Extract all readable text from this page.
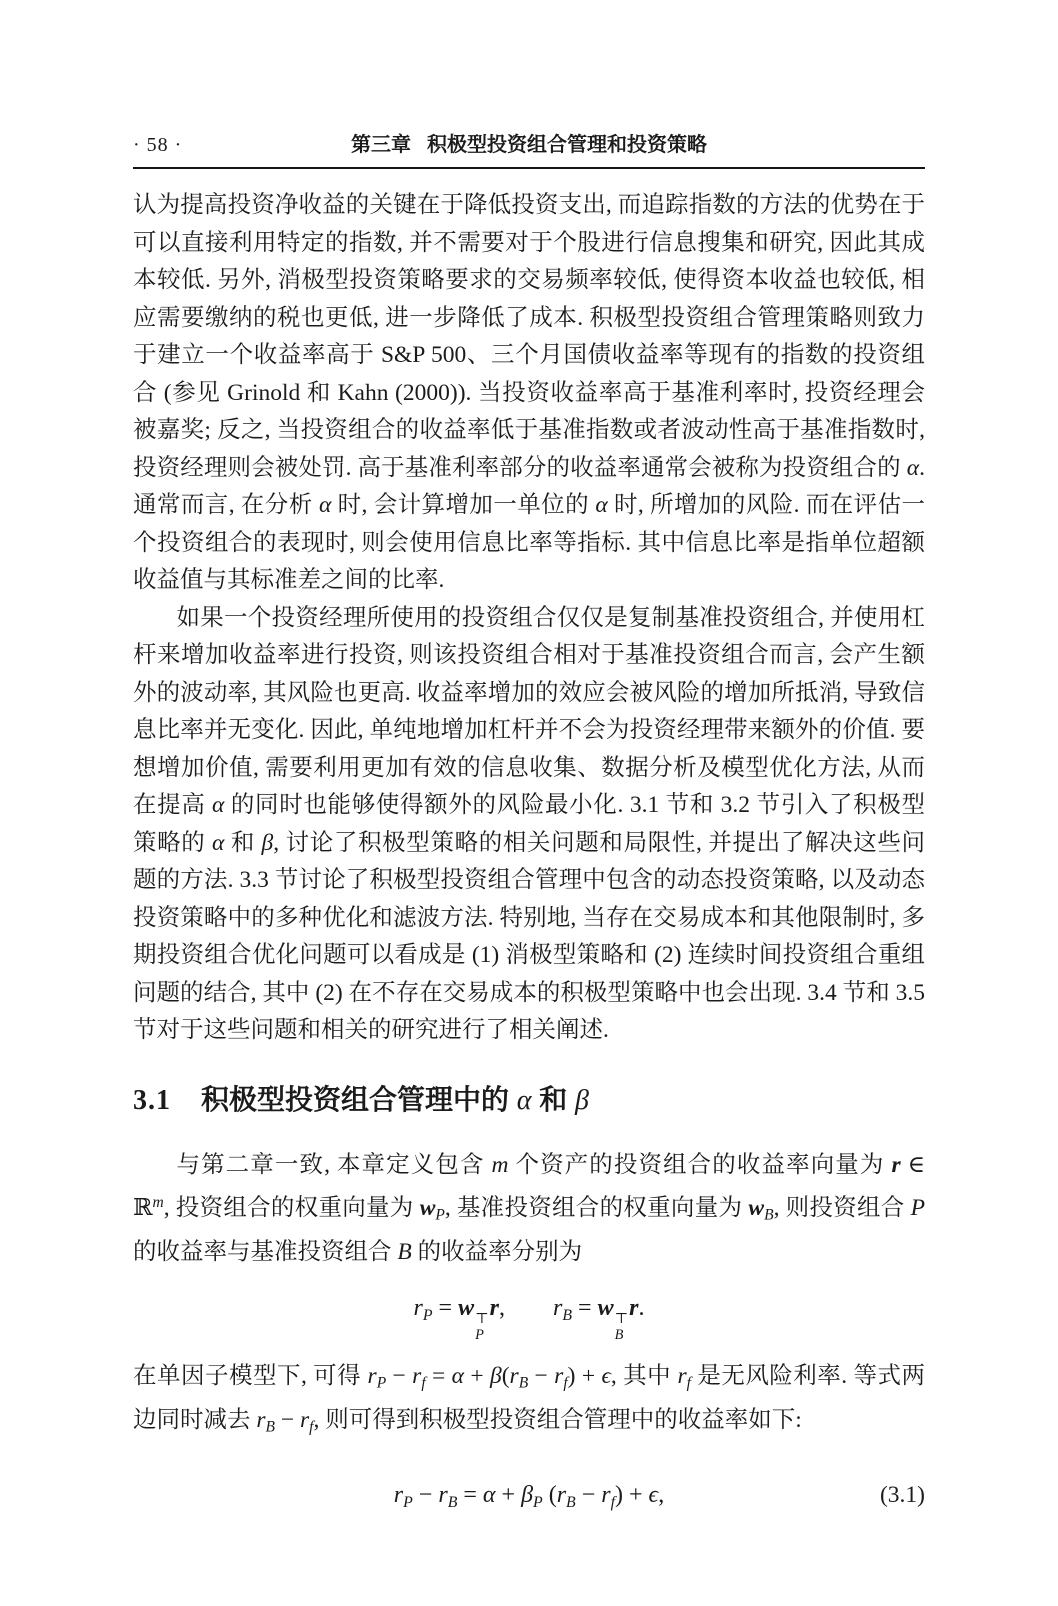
· 58 ·	第三章 积极型投资组合管理和投资策略

认为提高投资净收益的关键在于降低投资支出, 而追踪指数的方法的优势在于可以直接利用特定的指数, 并不需要对于个股进行信息搜集和研究, 因此其成本较低. 另外, 消极型投资策略要求的交易频率较低, 使得资本收益也较低, 相应需要缴纳的税也更低, 进一步降低了成本. 积极型投资组合管理策略则致力于建立一个收益率高于 S&P 500、三个月国债收益率等现有的指数的投资组合 (参见 Grinold 和 Kahn (2000)). 当投资收益率高于基准利率时, 投资经理会被嘉奖; 反之, 当投资组合的收益率低于基准指数或者波动性高于基准指数时, 投资经理则会被处罚. 高于基准利率部分的收益率通常会被称为投资组合的 α. 通常而言, 在分析 α 时, 会计算增加一单位的 α 时, 所增加的风险. 而在评估一个投资组合的表现时, 则会使用信息比率等指标. 其中信息比率是指单位超额收益值与其标准差之间的比率.

如果一个投资经理所使用的投资组合仅仅是复制基准投资组合, 并使用杠杆来增加收益率进行投资, 则该投资组合相对于基准投资组合而言, 会产生额外的波动率, 其风险也更高. 收益率增加的效应会被风险的增加所抵消, 导致信息比率并无变化. 因此, 单纯地增加杠杆并不会为投资经理带来额外的价值. 要想增加价值, 需要利用更加有效的信息收集、数据分析及模型优化方法, 从而在提高 α 的同时也能够使得额外的风险最小化. 3.1 节和 3.2 节引入了积极型策略的 α 和 β, 讨论了积极型策略的相关问题和局限性, 并提出了解决这些问题的方法. 3.3 节讨论了积极型投资组合管理中包含的动态投资策略, 以及动态投资策略中的多种优化和滤波方法. 特别地, 当存在交易成本和其他限制时, 多期投资组合优化问题可以看成是 (1) 消极型策略和 (2) 连续时间投资组合重组问题的结合, 其中 (2) 在不存在交易成本的积极型策略中也会出现. 3.4 节和 3.5 节对于这些问题和相关的研究进行了相关阐述.

3.1 积极型投资组合管理中的 α 和 β

与第二章一致, 本章定义包含 m 个资产的投资组合的收益率向量为 r ∈ ℝ$^m$, 投资组合的权重向量为 wP, 基准投资组合的权重向量为 wB, 则投资组合 P 的收益率与基准投资组合 B 的收益率分别为

rP = w ⊤
P
r,  rB = w ⊤
B
r.

在单因子模型下, 可得 rP − rf = α + β(rB − rf) + ϵ, 其中 rf 是无风险利率. 等式两边同时减去 rB − rf, 则可得到积极型投资组合管理中的收益率如下:

rP − rB = α + βP (rB − rf) + ϵ,	(3.1)
